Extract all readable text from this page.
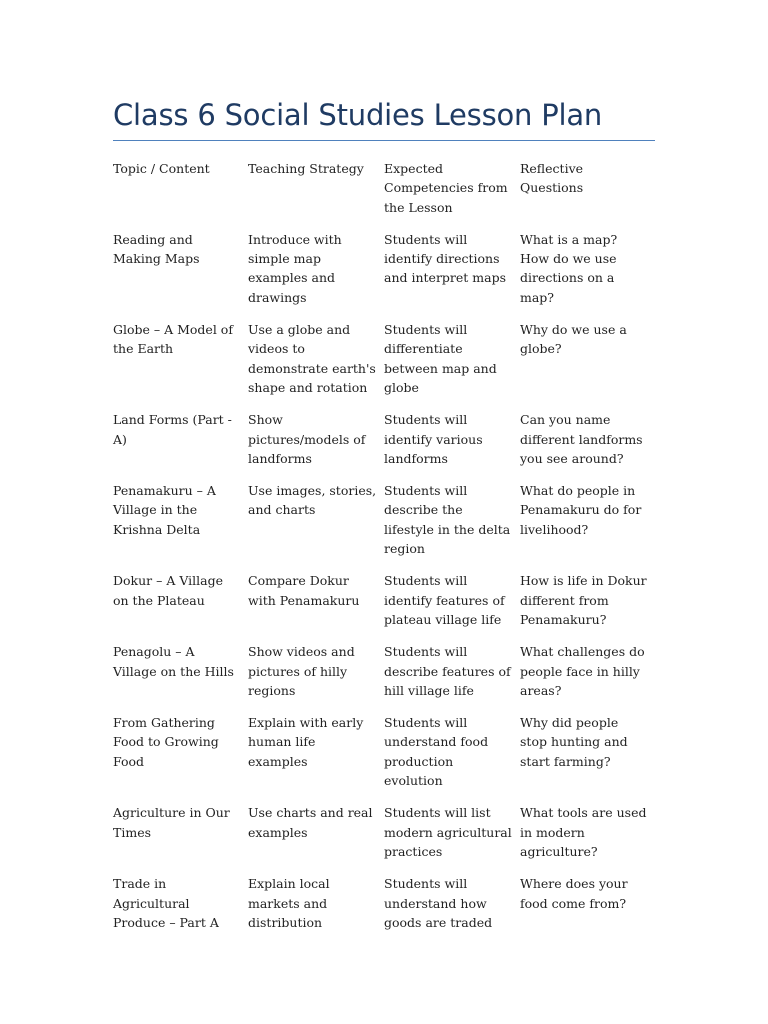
Class 6 Social Studies Lesson Plan
Topic / Content	Teaching Strategy	Expected Competencies from the Lesson	Reflective Questions
Reading and Making Maps	Introduce with simple map examples and drawings	Students will identify directions and interpret maps	What is a map? How do we use directions on a map?
Globe – A Model of the Earth	Use a globe and videos to demonstrate earth's shape and rotation	Students will differentiate between map and globe	Why do we use a globe?
Land Forms (Part - A)	Show pictures/models of landforms	Students will identify various landforms	Can you name different landforms you see around?
Penamakuru – A Village in the Krishna Delta	Use images, stories, and charts	Students will describe the lifestyle in the delta region	What do people in Penamakuru do for livelihood?
Dokur – A Village on the Plateau	Compare Dokur with Penamakuru	Students will identify features of plateau village life	How is life in Dokur different from Penamakuru?
Penagolu – A Village on the Hills	Show videos and pictures of hilly regions	Students will describe features of hill village life	What challenges do people face in hilly areas?
From Gathering Food to Growing Food	Explain with early human life examples	Students will understand food production evolution	Why did people stop hunting and start farming?
Agriculture in Our Times	Use charts and real examples	Students will list modern agricultural practices	What tools are used in modern agriculture?
Trade in Agricultural Produce – Part A	Explain local markets and distribution	Students will understand how goods are traded	Where does your food come from?
